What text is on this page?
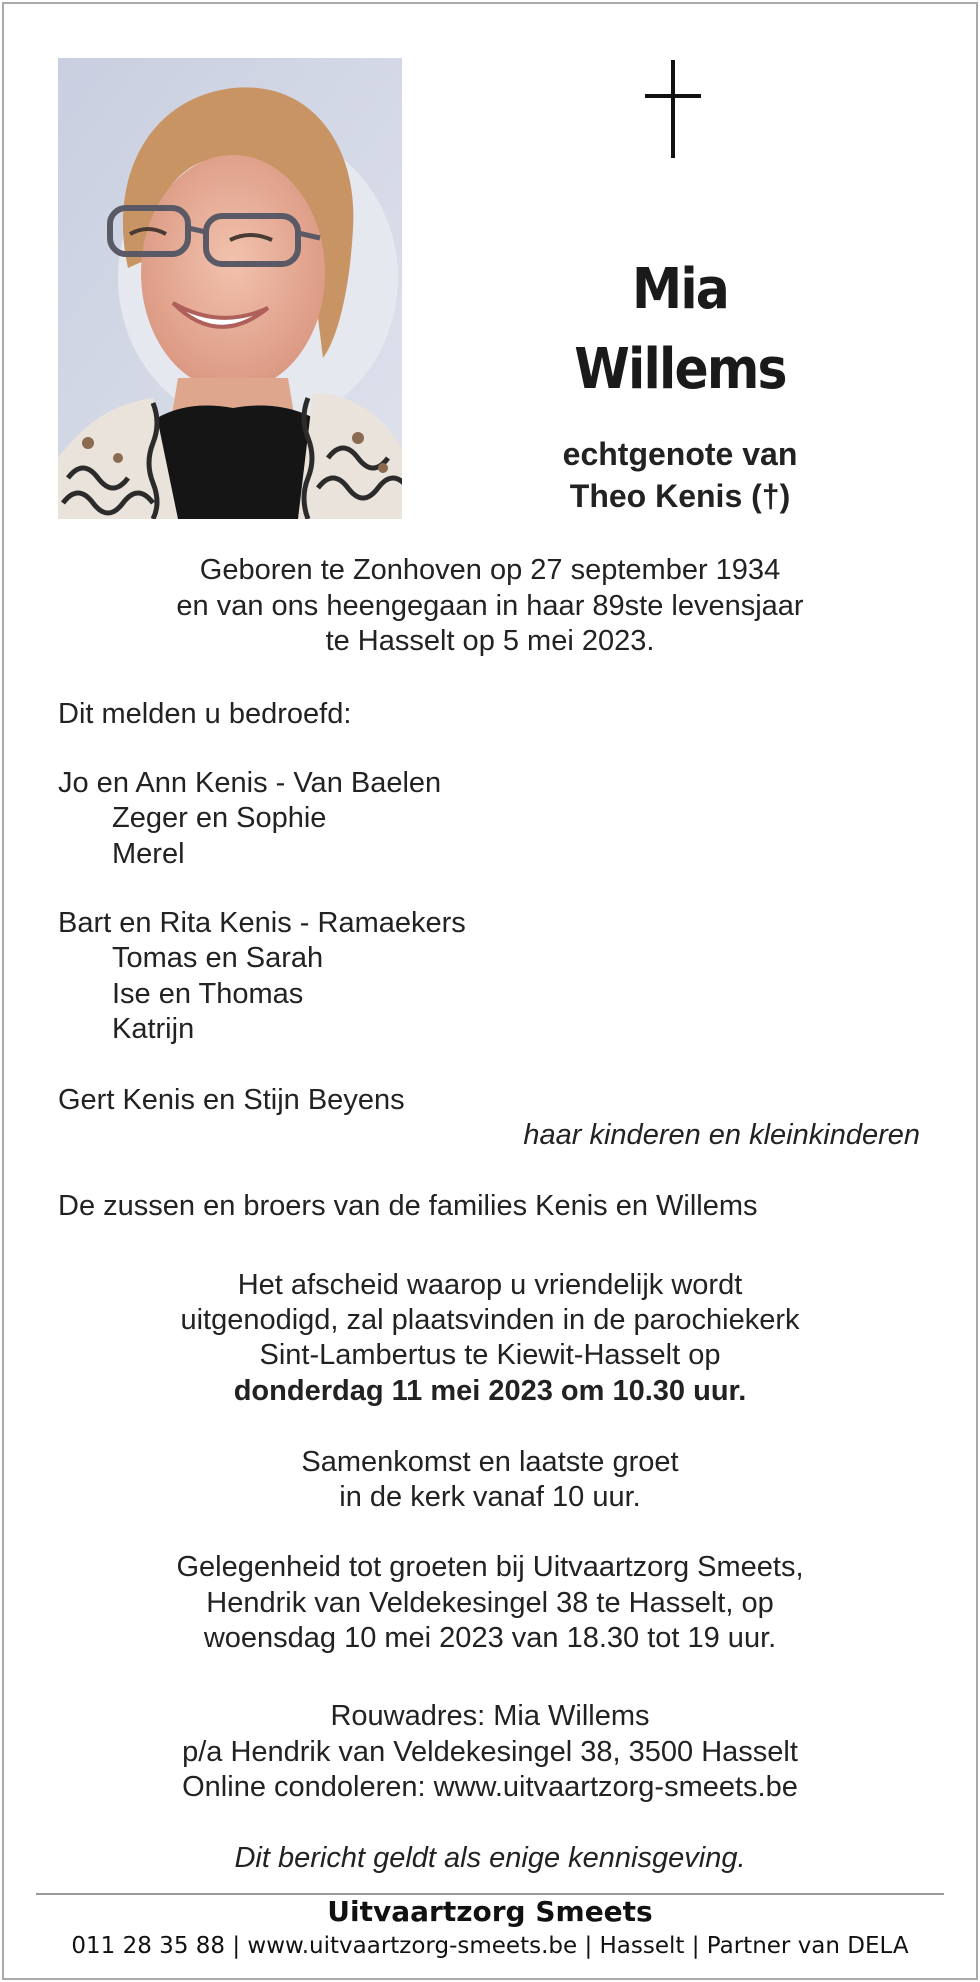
Mia
Willems
echtgenote van
Theo Kenis (†)
Geboren te Zonhoven op 27 september 1934
en van ons heengegaan in haar 89ste levensjaar
te Hasselt op 5 mei 2023.
Dit melden u bedroefd:
Jo en Ann Kenis - Van Baelen
Zeger en Sophie
Merel
Bart en Rita Kenis - Ramaekers
Tomas en Sarah
Ise en Thomas
Katrijn
Gert Kenis en Stijn Beyens
haar kinderen en kleinkinderen
De zussen en broers van de families Kenis en Willems
Het afscheid waarop u vriendelijk wordt
uitgenodigd, zal plaatsvinden in de parochiekerk
Sint-Lambertus te Kiewit-Hasselt op
donderdag 11 mei 2023 om 10.30 uur.
Samenkomst en laatste groet
in de kerk vanaf 10 uur.
Gelegenheid tot groeten bij Uitvaartzorg Smeets,
Hendrik van Veldekesingel 38 te Hasselt, op
woensdag 10 mei 2023 van 18.30 tot 19 uur.
Rouwadres: Mia Willems
p/a Hendrik van Veldekesingel 38, 3500 Hasselt
Online condoleren: www.uitvaartzorg-smeets.be
Dit bericht geldt als enige kennisgeving.
Uitvaartzorg Smeets
011 28 35 88 | www.uitvaartzorg-smeets.be | Hasselt | Partner van DELA
